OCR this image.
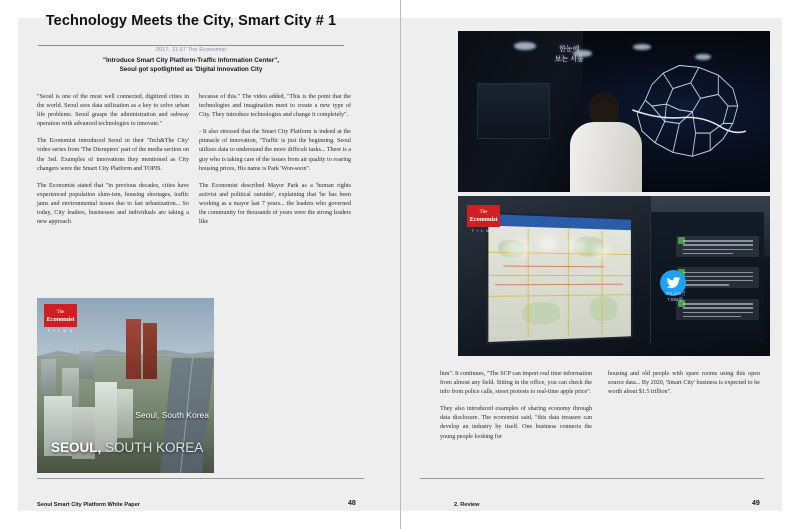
Technology Meets the City, Smart City # 1
2017, 11.07 The Economist
"Introduce Smart City Platform-Traffic Information Center",
Seoul got spotlighted as 'Digital Innovation City

"Seoul is one of the most well connected, digitized cities in the world. Seoul sees data utilization as a key to solve urban life problems. Seoul grasps the administration and subway operation with advanced technologies to innovate."

The Economist introduced Seoul in their 'Tech&The City' video series from 'The Disrupters' part of the media section on the 3ed. Examples of innovations they mentioned as City changers were the Smart City Platform and TOPIS.

The Economist stated that "in previous decades, cities have experienced population slum-ism, housing shortages, traffic jams and environmental issues due to fast urbanization... So today, City leaders, businesses and individuals are taking a new approach

because of this." The video added, "This is the point that the technologies and imagination meet to create a new type of City. They introduce technologies and change it completely".

- It also stressed that the Smart City Platform is indeed at the pinnacle of innovation, "Traffic is just the beginning. Seoul utilizes data to understand the more difficult tasks... There is a guy who is taking care of the issues from air quality to roaring housing prices, His name is Park 'Won-soon".

The Economist described Mayor Park as a 'human rights activist and political outsider', explaining that 'he has been working as a mayor last 7 years... the leaders who governed the community for thousands of years were the strong leaders like

The
Economist
F I L M S
Seoul, South Korea
SEOUL, SOUTH KOREA
Seoul Smart City Platform White Paper	48
한눈에
보는 서울
493,348건
7,582명
The
Economist
F I L M S

him". It continues, "The SCP can import real time information from almost any field. Sitting in the office, you can check the info from police calls, street protests to real-time apple price".

They also introduced examples of sharing economy through data disclosure. The economist said, "this data treasure can develop an industry by itself. One business connects the young people looking for

housing and old people with spare rooms using this open source data... By 2020, 'Smart City' business is expected to be worth about $1.5 trillion".

2. Review	49
